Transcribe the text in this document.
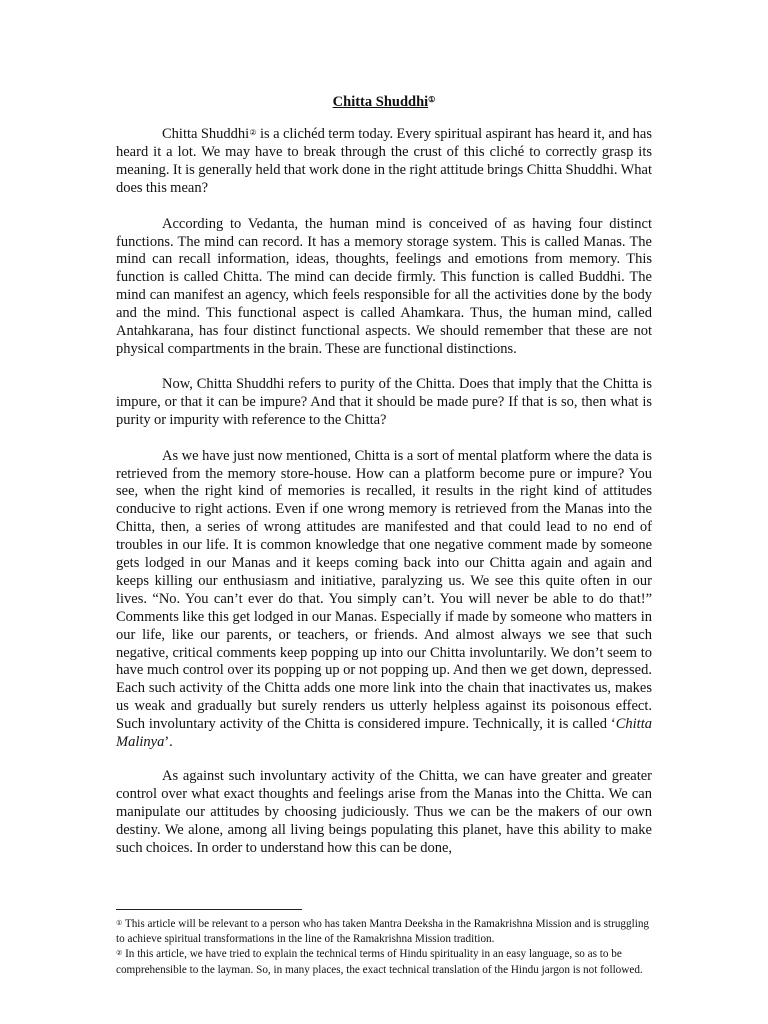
Chitta Shuddhi①

Chitta Shuddhi② is a clichéd term today. Every spiritual aspirant has heard it, and has heard it a lot. We may have to break through the crust of this cliché to correctly grasp its meaning. It is generally held that work done in the right attitude brings Chitta Shuddhi. What does this mean?

According to Vedanta, the human mind is conceived of as having four distinct functions. The mind can record. It has a memory storage system. This is called Manas. The mind can recall information, ideas, thoughts, feelings and emotions from memory. This function is called Chitta. The mind can decide firmly. This function is called Buddhi. The mind can manifest an agency, which feels responsible for all the activities done by the body and the mind. This functional aspect is called Ahamkara. Thus, the human mind, called Antahkarana, has four distinct functional aspects. We should remember that these are not physical compartments in the brain. These are functional distinctions.

Now, Chitta Shuddhi refers to purity of the Chitta. Does that imply that the Chitta is impure, or that it can be impure? And that it should be made pure? If that is so, then what is purity or impurity with reference to the Chitta?

As we have just now mentioned, Chitta is a sort of mental platform where the data is retrieved from the memory store-house. How can a platform become pure or impure? You see, when the right kind of memories is recalled, it results in the right kind of attitudes conducive to right actions. Even if one wrong memory is retrieved from the Manas into the Chitta, then, a series of wrong attitudes are manifested and that could lead to no end of troubles in our life. It is common knowledge that one negative comment made by someone gets lodged in our Manas and it keeps coming back into our Chitta again and again and keeps killing our enthusiasm and initiative, paralyzing us. We see this quite often in our lives. “No. You can’t ever do that. You simply can’t. You will never be able to do that!” Comments like this get lodged in our Manas. Especially if made by someone who matters in our life, like our parents, or teachers, or friends. And almost always we see that such negative, critical comments keep popping up into our Chitta involuntarily. We don’t seem to have much control over its popping up or not popping up. And then we get down, depressed. Each such activity of the Chitta adds one more link into the chain that inactivates us, makes us weak and gradually but surely renders us utterly helpless against its poisonous effect. Such involuntary activity of the Chitta is considered impure. Technically, it is called ‘Chitta Malinya’.

As against such involuntary activity of the Chitta, we can have greater and greater control over what exact thoughts and feelings arise from the Manas into the Chitta. We can manipulate our attitudes by choosing judiciously. Thus we can be the makers of our own destiny. We alone, among all living beings populating this planet, have this ability to make such choices. In order to understand how this can be done,

① This article will be relevant to a person who has taken Mantra Deeksha in the Ramakrishna Mission and is struggling to achieve spiritual transformations in the line of the Ramakrishna Mission tradition.

② In this article, we have tried to explain the technical terms of Hindu spirituality in an easy language, so as to be comprehensible to the layman. So, in many places, the exact technical translation of the Hindu jargon is not followed.
